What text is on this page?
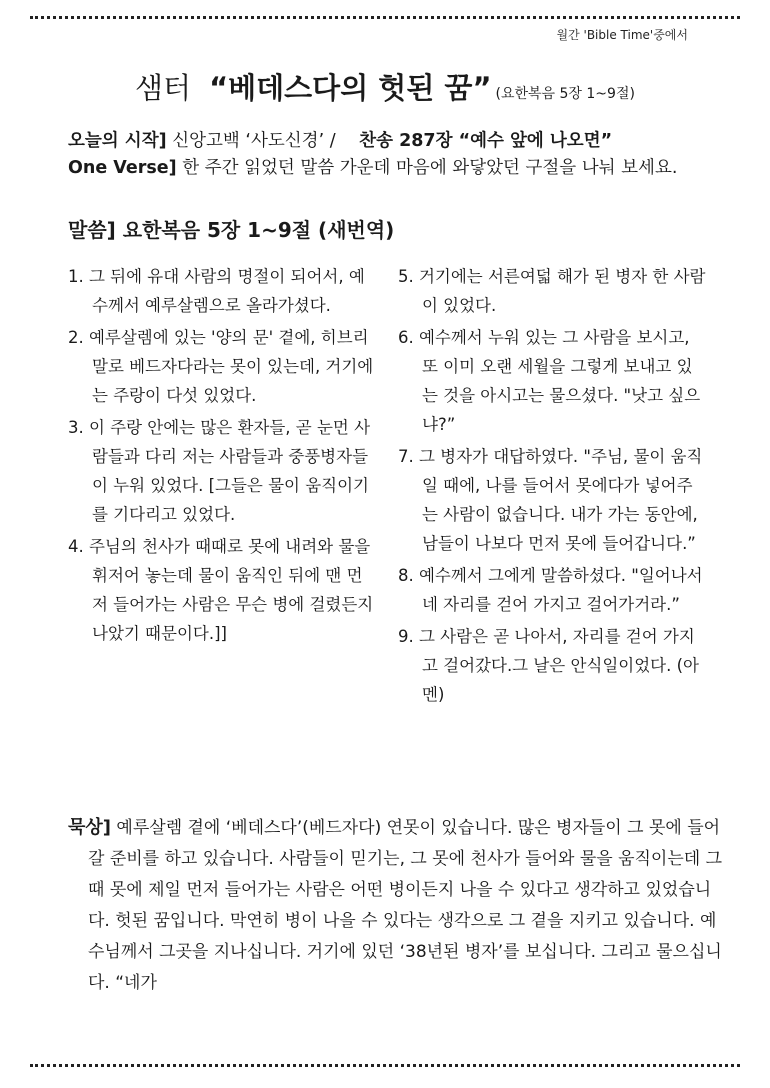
월간 'Bible Time'중에서
샘터 “베데스다의 헛된 꿈” (요한복음 5장 1~9절)
오늘의 시작] 신앙고백 ‘사도신경’ / 찬송 287장 “예수 앞에 나오면”
One Verse] 한 주간 읽었던 말씀 가운데 마음에 와닿았던 구절을 나눠 보세요.
말씀] 요한복음 5장 1~9절 (새번역)
1. 그 뒤에 유대 사람의 명절이 되어서, 예수께서 예루살렘으로 올라가셨다.
2. 예루살렘에 있는 '양의 문' 곁에, 히브리 말로 베드자다라는 못이 있는데, 거기에는 주랑이 다섯 있었다.
3. 이 주랑 안에는 많은 환자들, 곧 눈먼 사람들과 다리 저는 사람들과 중풍병자들이 누워 있었다. [그들은 물이 움직이기를 기다리고 있었다.
4. 주님의 천사가 때때로 못에 내려와 물을 휘저어 놓는데 물이 움직인 뒤에 맨 먼저 들어가는 사람은 무슨 병에 걸렸든지 나았기 때문이다.]]
5. 거기에는 서른여덟 해가 된 병자 한 사람이 있었다.
6. 예수께서 누워 있는 그 사람을 보시고, 또 이미 오랜 세월을 그렇게 보내고 있는 것을 아시고는 물으셨다. "낫고 싶으냐?”
7. 그 병자가 대답하였다. "주님, 물이 움직일 때에, 나를 들어서 못에다가 넣어주는 사람이 없습니다. 내가 가는 동안에, 남들이 나보다 먼저 못에 들어갑니다.”
8. 예수께서 그에게 말씀하셨다. "일어나서 네 자리를 걷어 가지고 걸어가거라.”
9. 그 사람은 곧 나아서, 자리를 걷어 가지고 걸어갔다.그 날은 안식일이었다. (아멘)
묵상] 예루살렘 곁에 ‘베데스다’(베드자다) 연못이 있습니다. 많은 병자들이 그 못에 들어갈 준비를 하고 있습니다. 사람들이 믿기는, 그 못에 천사가 들어와 물을 움직이는데 그때 못에 제일 먼저 들어가는 사람은 어떤 병이든지 나을 수 있다고 생각하고 있었습니다. 헛된 꿈입니다. 막연히 병이 나을 수 있다는 생각으로 그 곁을 지키고 있습니다. 예수님께서 그곳을 지나십니다. 거기에 있던 ‘38년된 병자’를 보십니다. 그리고 물으십니다. “네가
